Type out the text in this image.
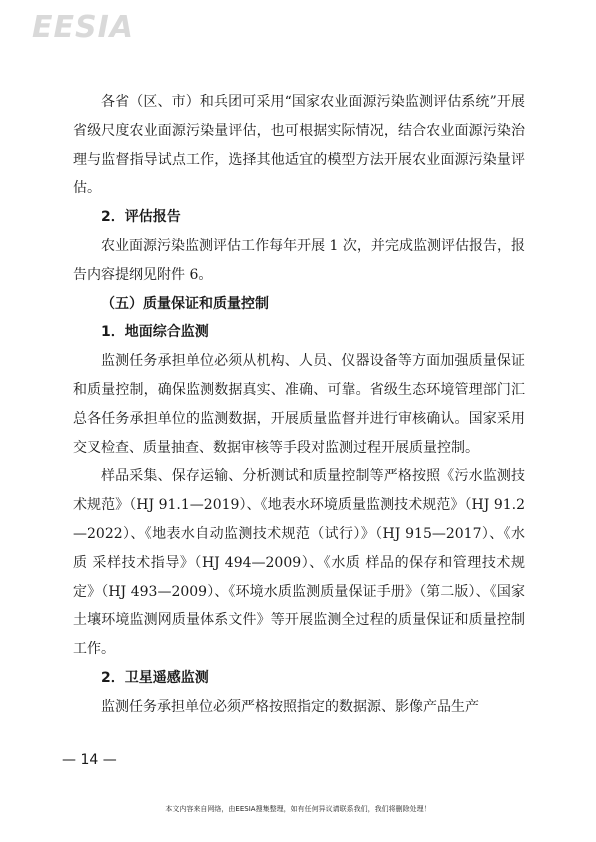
EESIA

各省（区、市）和兵团可采用“国家农业面源污染监测评估系统”开展省级尺度农业面源污染量评估，也可根据实际情况，结合农业面源污染治理与监督指导试点工作，选择其他适宜的模型方法开展农业面源污染量评估。

2．评估报告

农业面源污染监测评估工作每年开展 1 次，并完成监测评估报告，报告内容提纲见附件 6。

（五）质量保证和质量控制

1．地面综合监测

监测任务承担单位必须从机构、人员、仪器设备等方面加强质量保证和质量控制，确保监测数据真实、准确、可靠。省级生态环境管理部门汇总各任务承担单位的监测数据，开展质量监督并进行审核确认。国家采用交叉检查、质量抽查、数据审核等手段对监测过程开展质量控制。

样品采集、保存运输、分析测试和质量控制等严格按照《污水监测技术规范》（HJ 91.1—2019）、《地表水环境质量监测技术规范》（HJ 91.2—2022）、《地表水自动监测技术规范（试行）》（HJ 915—2017）、《水质 采样技术指导》（HJ 494—2009）、《水质 样品的保存和管理技术规定》（HJ 493—2009）、《环境水质监测质量保证手册》（第二版）、《国家土壤环境监测网质量体系文件》等开展监测全过程的质量保证和质量控制工作。

2．卫星遥感监测

监测任务承担单位必须严格按照指定的数据源、影像产品生产

— 14 —
本文内容来自网络，由EESIA搜集整理，如有任何异议请联系我们，我们将删除处理！
